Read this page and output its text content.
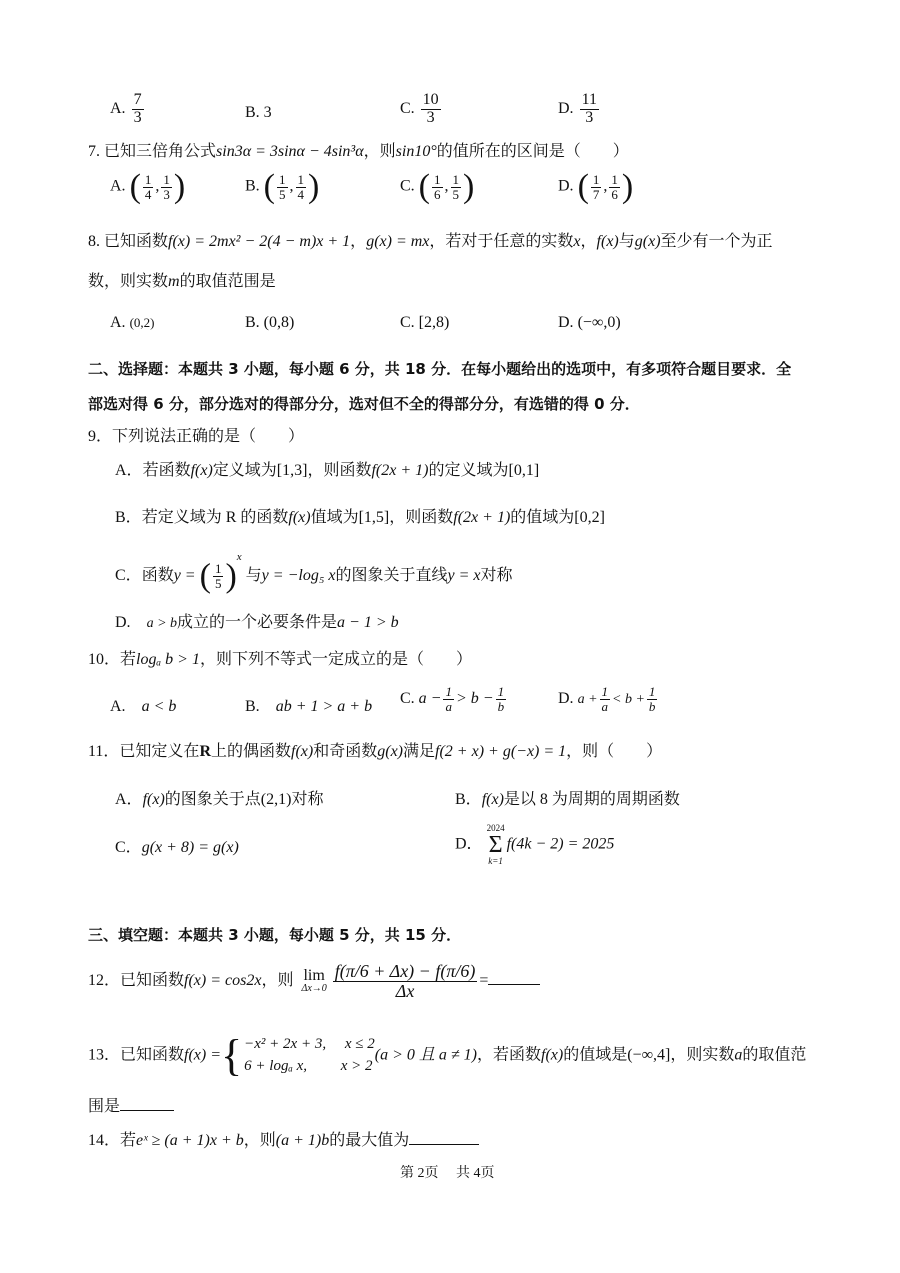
A. $\frac{7}{3}$	B. 3	C. $\frac{10}{3}$	D. $\frac{11}{3}$
7. 已知三倍角公式sin3α = 3sinα − 4sin³α，则sin10°的值所在的区间是（　　）
A. ( $\frac{1}{4}$ , $\frac{1}{3}$ )	B. ( $\frac{1}{5}$ , $\frac{1}{4}$ )	C. ( $\frac{1}{6}$ , $\frac{1}{5}$ )	D. ( $\frac{1}{7}$ , $\frac{1}{6}$ )
8. 已知函数f(x) = 2mx² − 2(4 − m)x + 1，g(x) = mx，若对于任意的实数x，f(x)与g(x)至少有一个为正
数，则实数m的取值范围是
A. (0,2)	B. (0,8)	C. [2,8)	D. (−∞,0)
二、选择题：本题共 3 小题，每小题 6 分，共 18 分．在每小题给出的选项中，有多项符合题目要求．全
部选对得 6 分，部分选对的得部分分，选对但不全的得部分分，有选错的得 0 分．
9．下列说法正确的是（　　）
A．若函数f(x)定义域为[1,3]，则函数f(2x + 1)的定义域为[0,1]
B．若定义域为 R 的函数f(x)值域为[1,5]，则函数f(2x + 1)的值域为[0,2]
C．函数y = ( $\frac{1}{5} )^x$ 与y = −log₅ x的图象关于直线y = x对称
D.　 a > b成立的一个必要条件是a − 1 > b
10．若logₐ b > 1，则下列不等式一定成立的是（　　）
A.　 a < b	B.　 ab + 1 > a + b C. $a - \frac{1}{a} > b - \frac{1}{b}$	D. $a + \frac{1}{a} < b + \frac{1}{b}$
11．已知定义在R上的偶函数f(x)和奇函数g(x)满足f(2 + x) + g(−x) = 1，则（　　）
A．f(x)的图象关于点(2,1)对称	B．f(x)是以 8 为周期的周期函数
C．g(x + 8) = g(x)	D．
2024
Σ
k=1
f(4k − 2) = 2025
三、填空题：本题共 3 小题，每小题 5 分，共 15 分．
12．已知函数f(x) = cos2x，则 lim
$\Delta x\to 0 \frac{f(\pi/6 + \Delta x) - f(\pi/6)}{\Delta x}$ =
13．已知函数f(x) ={ −x² + 2x + 3,　 x ≤ 2
6 + logₐ x,　　 x > 2
(a > 0 且 a ≠ 1)，若函数f(x)的值域是(−∞,4]，则实数a的取值范
围是
14．若eˣ ≥ (a + 1)x + b，则(a + 1)b的最大值为
第 2页　 共 4页
